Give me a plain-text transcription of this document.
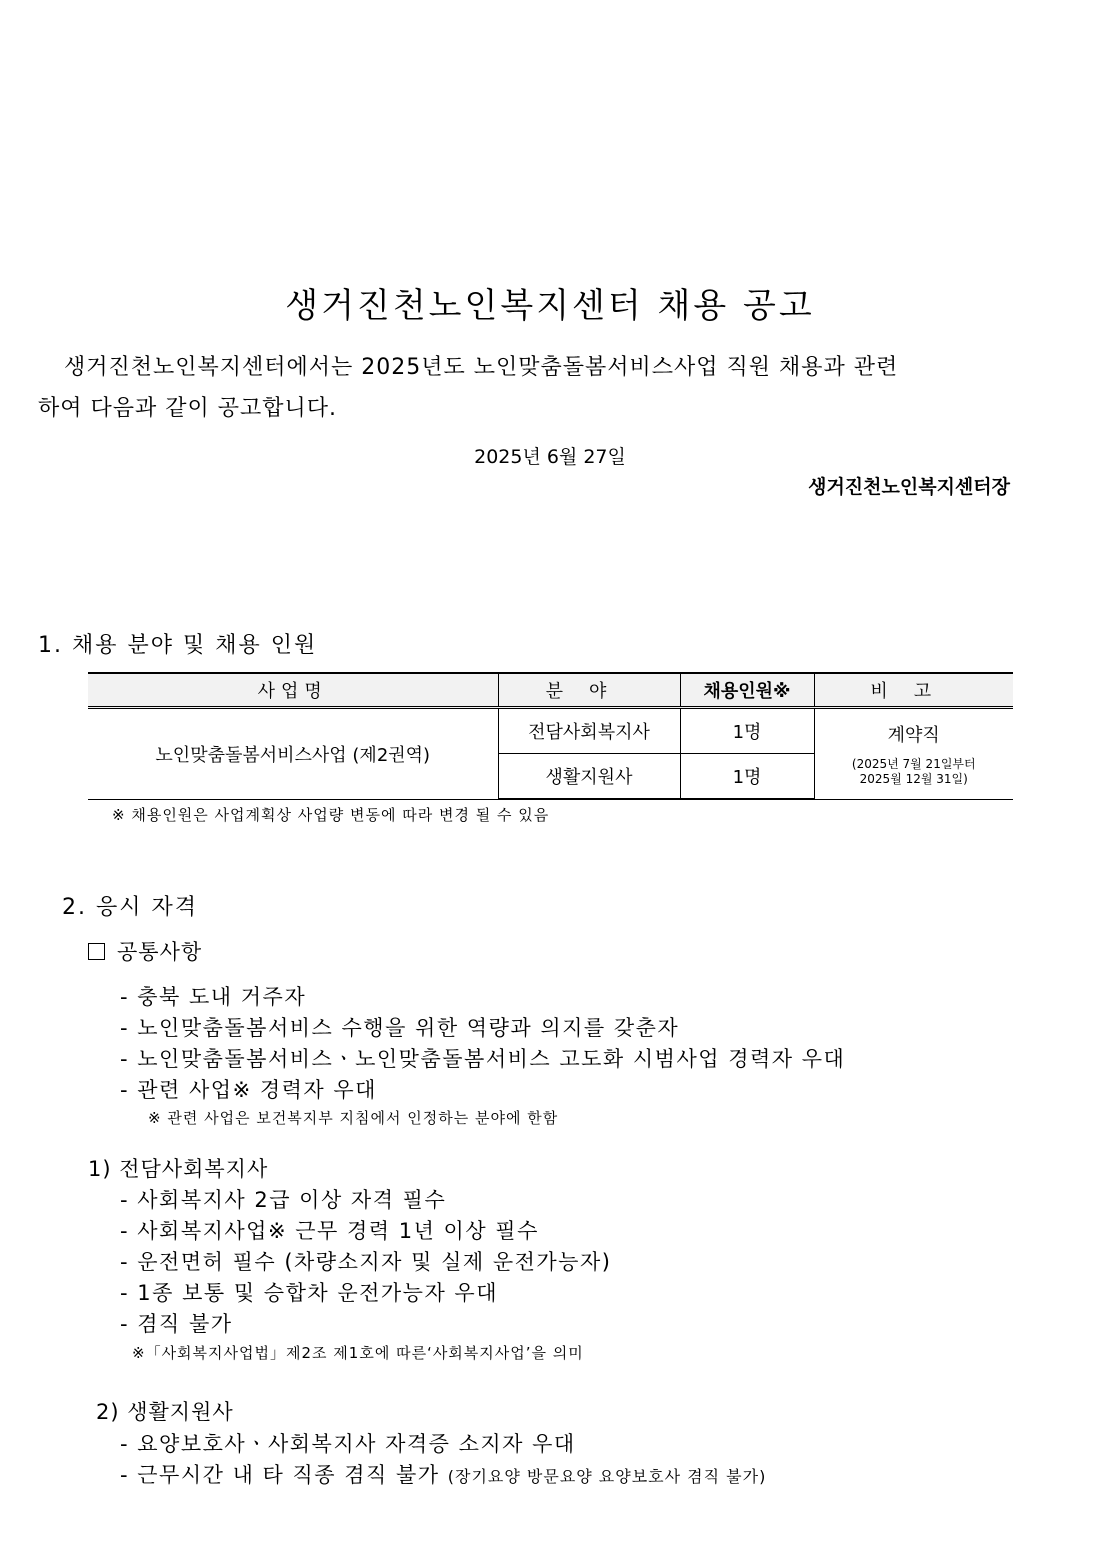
생거진천노인복지센터 채용 공고
생거진천노인복지센터에서는 2025년도 노인맞춤돌봄서비스사업 직원 채용과 관련
하여 다음과 같이 공고합니다.
2025년 6월 27일
생거진천노인복지센터장
1. 채용 분야 및 채용 인원
사업명	분야	채용인원※	비고
노인맞춤돌봄서비스사업 (제2권역)	전담사회복지사	1명	계약직
(2025년 7월 21일부터
2025월 12월 31일)

	생활지원사	1명	
※ 채용인원은 사업계획상 사업량 변동에 따라 변경 될 수 있음
2. 응시 자격
공통사항
- 충북 도내 거주자
- 노인맞춤돌봄서비스 수행을 위한 역량과 의지를 갖춘자
- 노인맞춤돌봄서비스ㆍ노인맞춤돌봄서비스 고도화 시범사업 경력자 우대
- 관련 사업※ 경력자 우대
※ 관련 사업은 보건복지부 지침에서 인정하는 분야에 한함
1) 전담사회복지사
- 사회복지사 2급 이상 자격 필수
- 사회복지사업※ 근무 경력 1년 이상 필수
- 운전면허 필수 (차량소지자 및 실제 운전가능자)
- 1종 보통 및 승합차 운전가능자 우대
- 겸직 불가
※「사회복지사업법」제2조 제1호에 따른‘사회복지사업’을 의미
2) 생활지원사
- 요양보호사ㆍ사회복지사 자격증 소지자 우대
- 근무시간 내 타 직종 겸직 불가 (장기요양 방문요양 요양보호사 겸직 불가)
